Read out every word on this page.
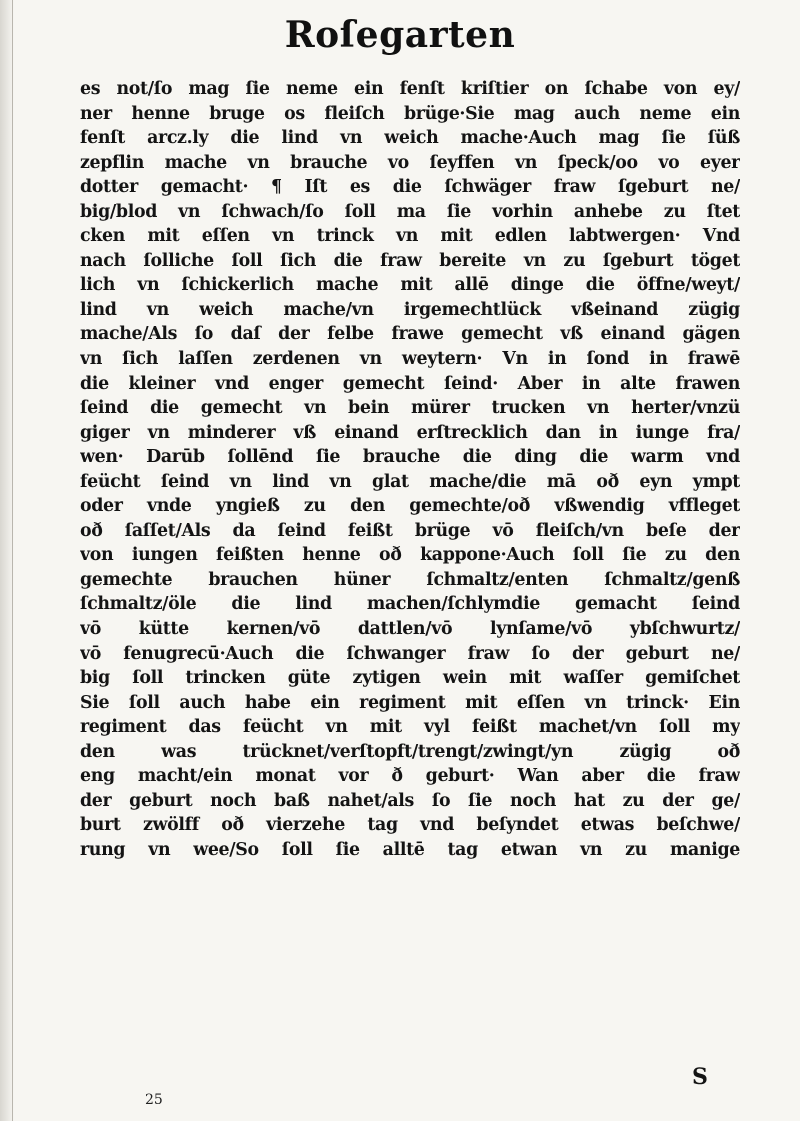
Roſegarten
es not/ſo mag ſie neme ein fenſt kriſtier on ſchabe von ey/
ner henne bruge os fleiſch brüge·Sie mag auch neme ein
fenſt arcz.ly die lind vn weich mache·Auch mag ſie ſüß
zepflin mache vn brauche vo ſeyffen vn ſpeck/oo vo eyer
dotter gemacht· ¶ Iſt es die ſchwäger fraw ſgeburt ne/
big/blod vn ſchwach/ſo ſoll ma ſie vorhin anhebe zu ſtet
cken mit eſſen vn trinck vn mit edlen labtwergen· Vnd
nach ſolliche ſoll ſich die fraw bereite vn zu ſgeburt töget
lich vn ſchickerlich mache mit allē dinge die öffne/weyt/
lind vn weich mache/vn irgemechtlück vßeinand zügig
mache/Als ſo daſ der felbe frawe gemecht vß einand gägen
vn ſich laſſen zerdenen vn weytern· Vn in ſond in frawē
die kleiner vnd enger gemecht ſeind· Aber in alte frawen
ſeind die gemecht vn bein mürer trucken vn herter/vnzü
giger vn minderer vß einand erſtrecklich dan in iunge fra/
wen· Darūb ſollēnd ſie brauche die ding die warm vnd
feücht ſeind vn lind vn glat mache/die mā oð eyn ympt
oder vnde yngieß zu den gemechte/oð vßwendig vffleget
oð ſaſſet/Als da ſeind feißt brüge vō fleiſch/vn beſe der
von iungen feißten henne oð kappone·Auch ſoll ſie zu den
gemechte brauchen hüner ſchmaltz/enten ſchmaltz/genß
ſchmaltz/öle die lind machen/ſchlymdie gemacht ſeind
vō kütte kernen/vō dattlen/vō lynſame/vō ybſchwurtz/
vō fenugrecū·Auch die ſchwanger fraw ſo der geburt ne/
big ſoll trincken güte zytigen wein mit waſſer gemiſchet
Sie ſoll auch habe ein regiment mit eſſen vn trinck· Ein
regiment das feücht vn mit vyl feißt machet/vn ſoll my
den was trücknet/verſtopft/trengt/zwingt/yn zügig oð
eng macht/ein monat vor ð geburt· Wan aber die fraw
der geburt noch baß nahet/als ſo ſie noch hat zu der ge/
burt zwölff oð vierzehe tag vnd beſyndet etwas beſchwe/
rung vn wee/So ſoll ſie alltē tag etwan vn zu manige
S
25
